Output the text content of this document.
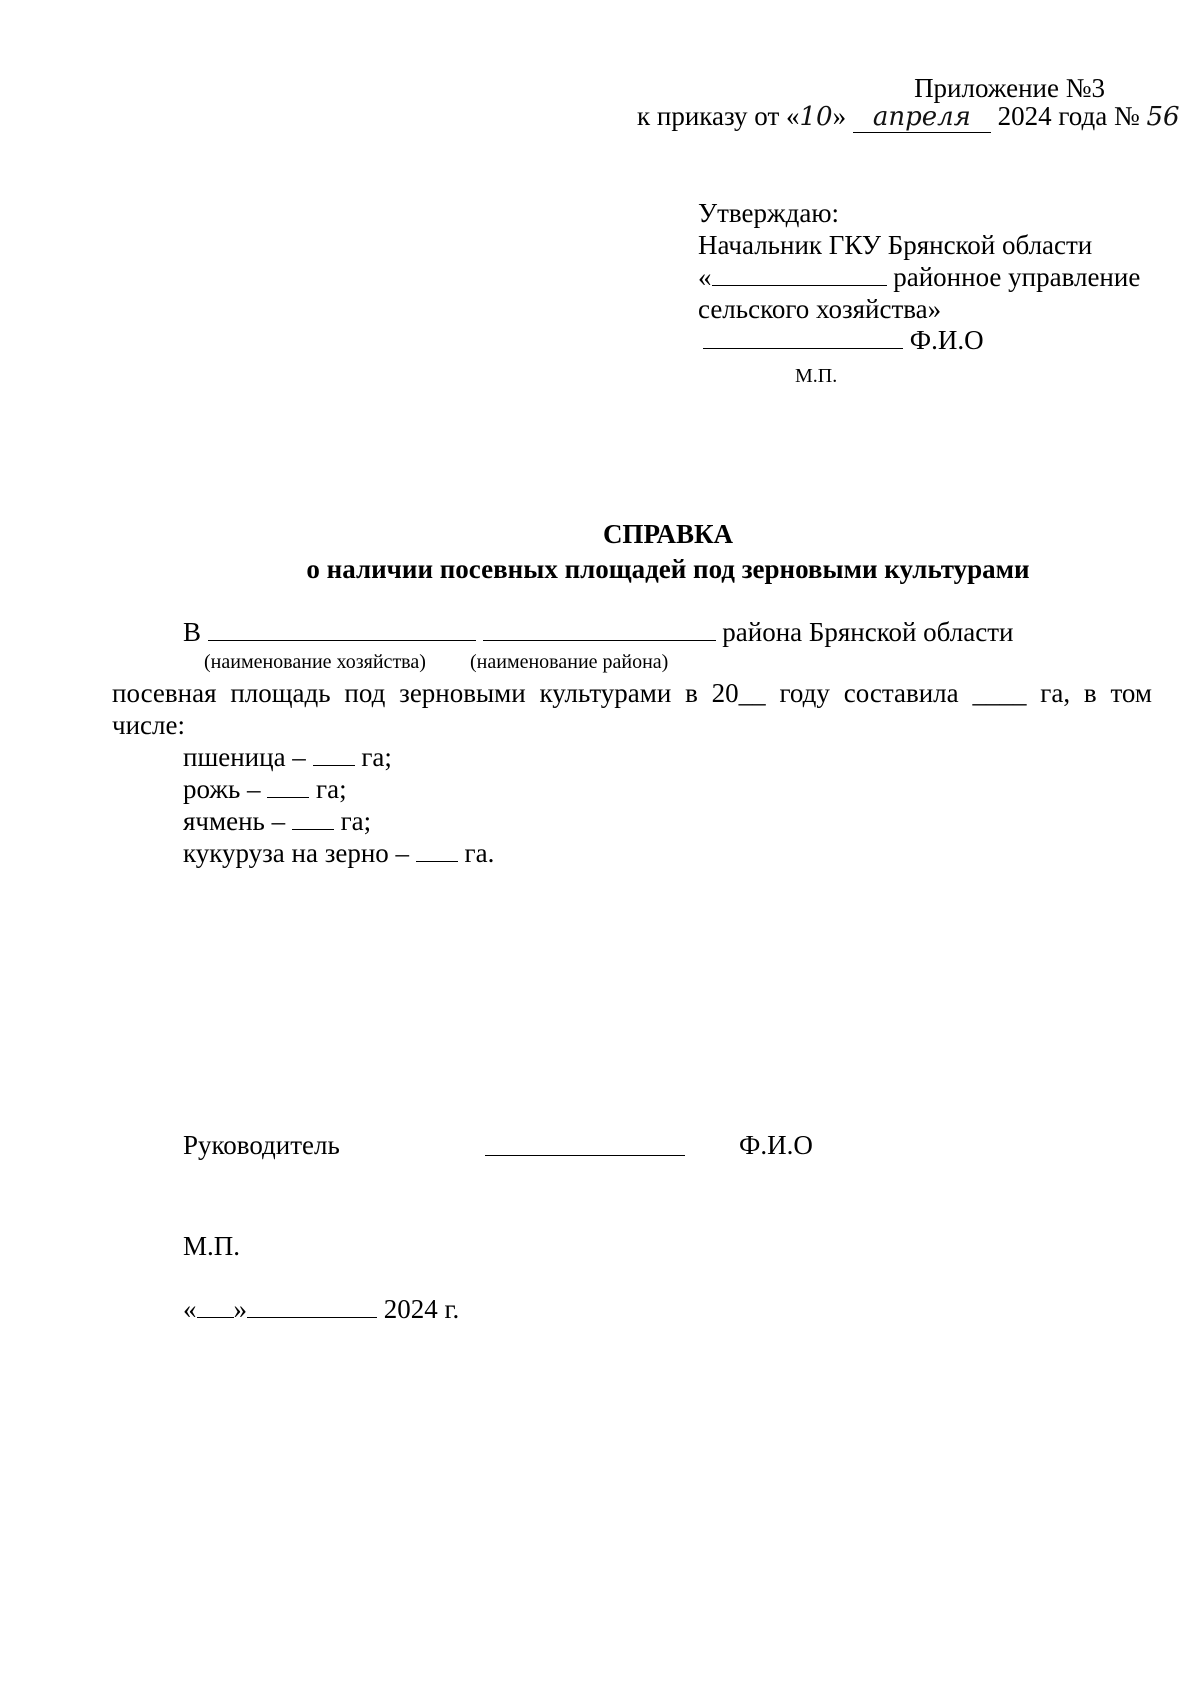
Приложение №3
к приказу от «10» апреля 2024 года № 56
Утверждаю:
Начальник ГКУ Брянской области
«	районное управление
сельского хозяйства»
Ф.И.О
М.П.
СПРАВКА
о наличии посевных площадей под зерновыми культурами
В	района Брянской области
(наименование хозяйства) (наименование района)
посевная площадь под зерновыми культурами в 20__ году составила ____ га, в том
числе:
пшеница – га;
рожь – га;
ячмень – га;
кукуруза на зерно – га.
Руководитель	Ф.И.О
М.П.
« »	2024 г.
